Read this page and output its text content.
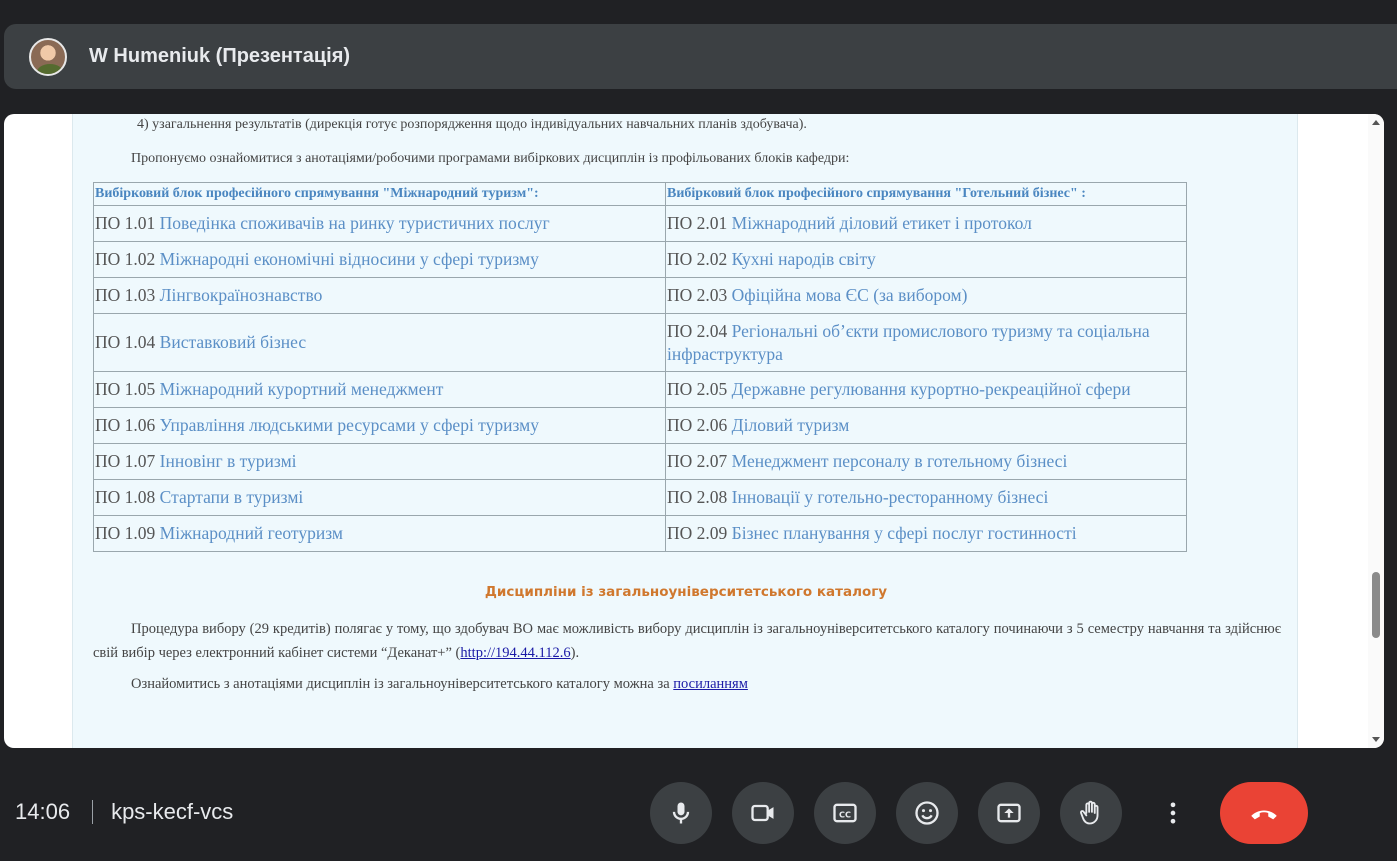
W Humeniuk (Презентація)
4) узагальнення результатів (дирекція готує розпорядження щодо індивідуальних навчальних планів здобувача).
Пропонуємо ознайомитися з анотаціями/робочими програмами вибіркових дисциплін із профільованих блоків кафедри:
Вибірковий блок професійного спрямування "Міжнародний туризм":	Вибірковий блок професійного спрямування "Готельний бізнес" :
ПО 1.01 Поведінка споживачів на ринку туристичних послуг	ПО 2.01 Міжнародний діловий етикет і протокол
ПО 1.02 Міжнародні економічні відносини у сфері туризму	ПО 2.02 Кухні народів світу
ПО 1.03 Лінгвокраїнознавство	ПО 2.03 Офіційна мова ЄС (за вибором)
ПО 1.04 Виставковий бізнес	ПО 2.04 Регіональні об’єкти промислового туризму та соціальна інфраструктура
ПО 1.05 Міжнародний курортний менеджмент	ПО 2.05 Державне регулювання курортно-рекреаційної сфери
ПО 1.06 Управління людськими ресурсами у сфері туризму	ПО 2.06 Діловий туризм
ПО 1.07 Інновінг в туризмі	ПО 2.07 Менеджмент персоналу в готельному бізнесі
ПО 1.08 Стартапи в туризмі	ПО 2.08 Інновації у готельно-ресторанному бізнесі
ПО 1.09 Міжнародний геотуризм	ПО 2.09 Бізнес планування у сфері послуг гостинності
Дисципліни із загальноуніверситетського каталогу
Процедура вибору (29 кредитів) полягає у тому, що здобувач ВО має можливість вибору дисциплін із загальноуніверситетського каталогу починаючи з 5 семестру навчання та здійснює свій вибір через електронний кабінет системи “Деканат+” (http://194.44.112.6).
Ознайомитись з анотаціями дисциплін із загальноуніверситетського каталогу можна за посиланням
14:06 kps-kecf-vcs	CC
